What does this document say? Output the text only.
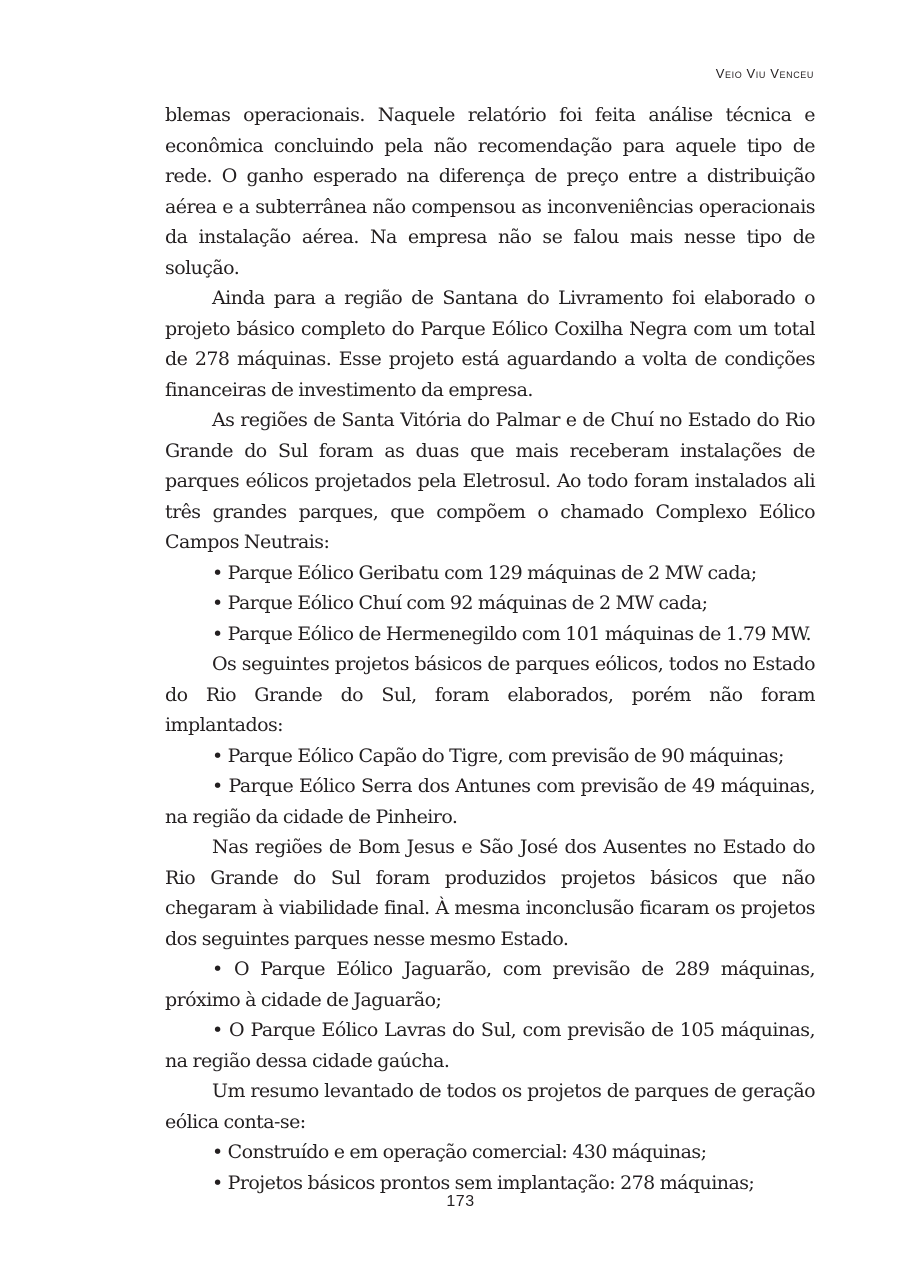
Veio Viu Venceu

blemas operacionais. Naquele relatório foi feita análise técnica e econômica concluindo pela não recomendação para aquele tipo de rede. O ganho esperado na diferença de preço entre a distribuição aérea e a subterrânea não compensou as inconveniências operacionais da instalação aérea. Na empresa não se falou mais nesse tipo de solução.

Ainda para a região de Santana do Livramento foi elaborado o projeto básico completo do Parque Eólico Coxilha Negra com um total de 278 máquinas. Esse projeto está aguardando a volta de condições financeiras de investimento da empresa.

As regiões de Santa Vitória do Palmar e de Chuí no Estado do Rio Grande do Sul foram as duas que mais receberam instalações de parques eólicos projetados pela Eletrosul. Ao todo foram instalados ali três grandes parques, que compõem o chamado Complexo Eólico Campos Neutrais:

• Parque Eólico Geribatu com 129 máquinas de 2 MW cada;

• Parque Eólico Chuí com 92 máquinas de 2 MW cada;

• Parque Eólico de Hermenegildo com 101 máquinas de 1.79 MW.

Os seguintes projetos básicos de parques eólicos, todos no Estado do Rio Grande do Sul, foram elaborados, porém não foram implantados:

• Parque Eólico Capão do Tigre, com previsão de 90 máquinas;

• Parque Eólico Serra dos Antunes com previsão de 49 máquinas, na região da cidade de Pinheiro.

Nas regiões de Bom Jesus e São José dos Ausentes no Estado do Rio Grande do Sul foram produzidos projetos básicos que não chegaram à viabilidade final. À mesma inconclusão ficaram os projetos dos seguintes parques nesse mesmo Estado.

• O Parque Eólico Jaguarão, com previsão de 289 máquinas, próximo à cidade de Jaguarão;

• O Parque Eólico Lavras do Sul, com previsão de 105 máquinas, na região dessa cidade gaúcha.

Um resumo levantado de todos os projetos de parques de geração eólica conta-se:

• Construído e em operação comercial: 430 máquinas;

• Projetos básicos prontos sem implantação: 278 máquinas;

173
